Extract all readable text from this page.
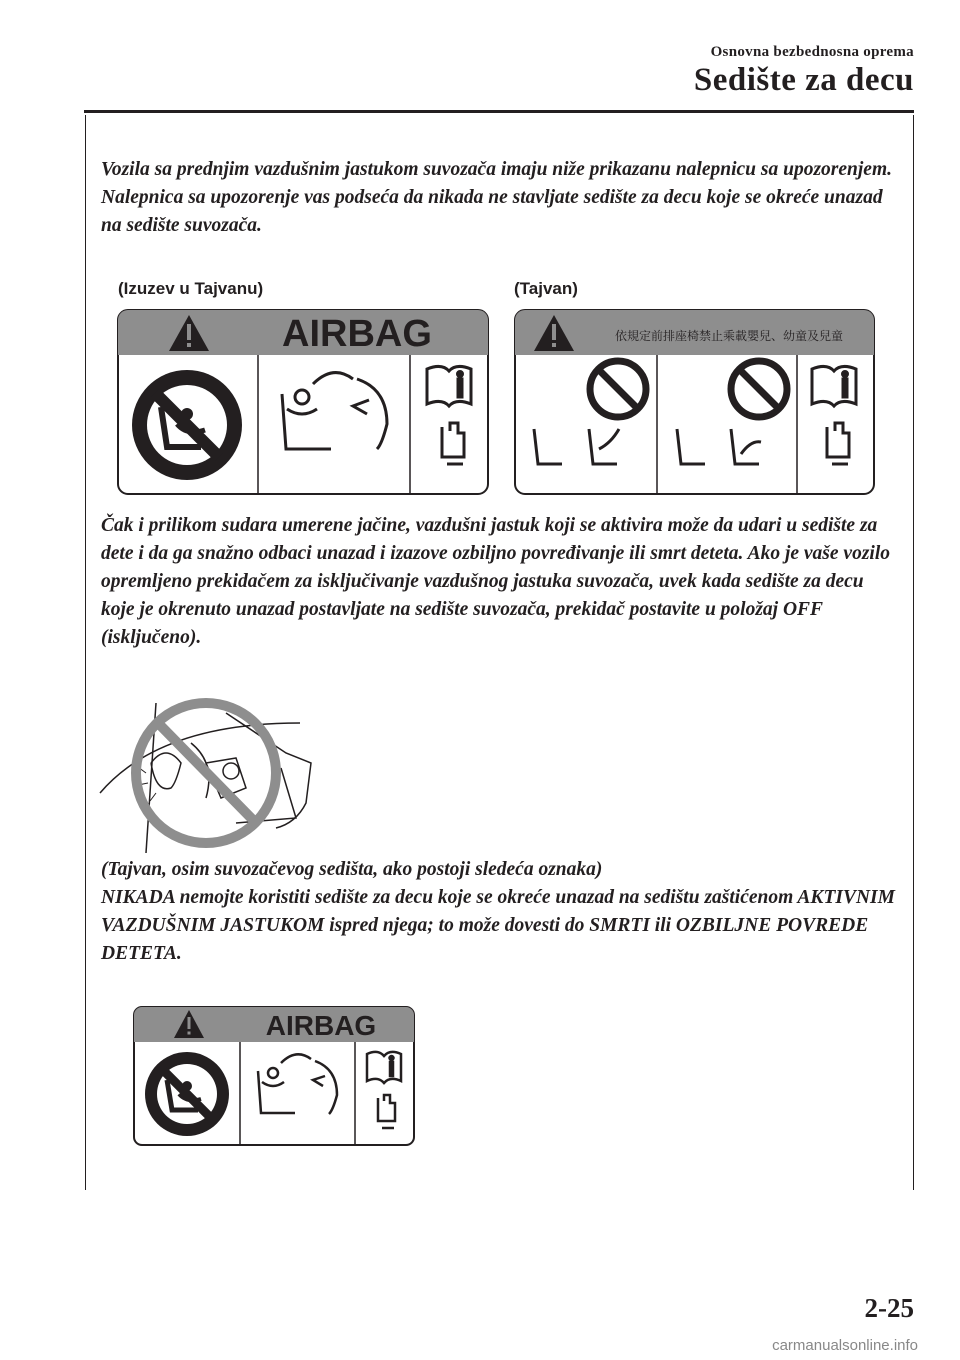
Osnovna bezbednosna oprema
Sedište za decu
Vozila sa prednjim vazdušnim jastukom suvozača imaju niže prikazanu nalepnicu sa upozorenjem. Nalepnica sa upozorenje vas podseća da nikada ne stavljate sedište za decu koje se okreće unazad na sedište suvozača.
(Izuzev u Tajvanu)	(Tajvan)
AIRBAG	依規定前排座椅禁止乘載嬰兒、幼童及兒童
Čak i prilikom sudara umerene jačine, vazdušni jastuk koji se aktivira može da udari u sedište za dete i da ga snažno odbaci unazad i izazove ozbiljno povređivanje ili smrt deteta. Ako je vaše vozilo opremljeno prekidačem za isključivanje vazdušnog jastuka suvozača, uvek kada sedište za decu koje je okrenuto unazad postavljate na sedište suvozača, prekidač postavite u položaj OFF (isključeno).
(Tajvan, osim suvozačevog sedišta, ako postoji sledeća oznaka)
NIKADA nemojte koristiti sedište za decu koje se okreće unazad na sedištu zaštićenom AKTIVNIM VAZDUŠNIM JASTUKOM ispred njega; to može dovesti do SMRTI ili OZBILJNE POVREDE DETETA.
AIRBAG
2-25
carmanualsonline.info
